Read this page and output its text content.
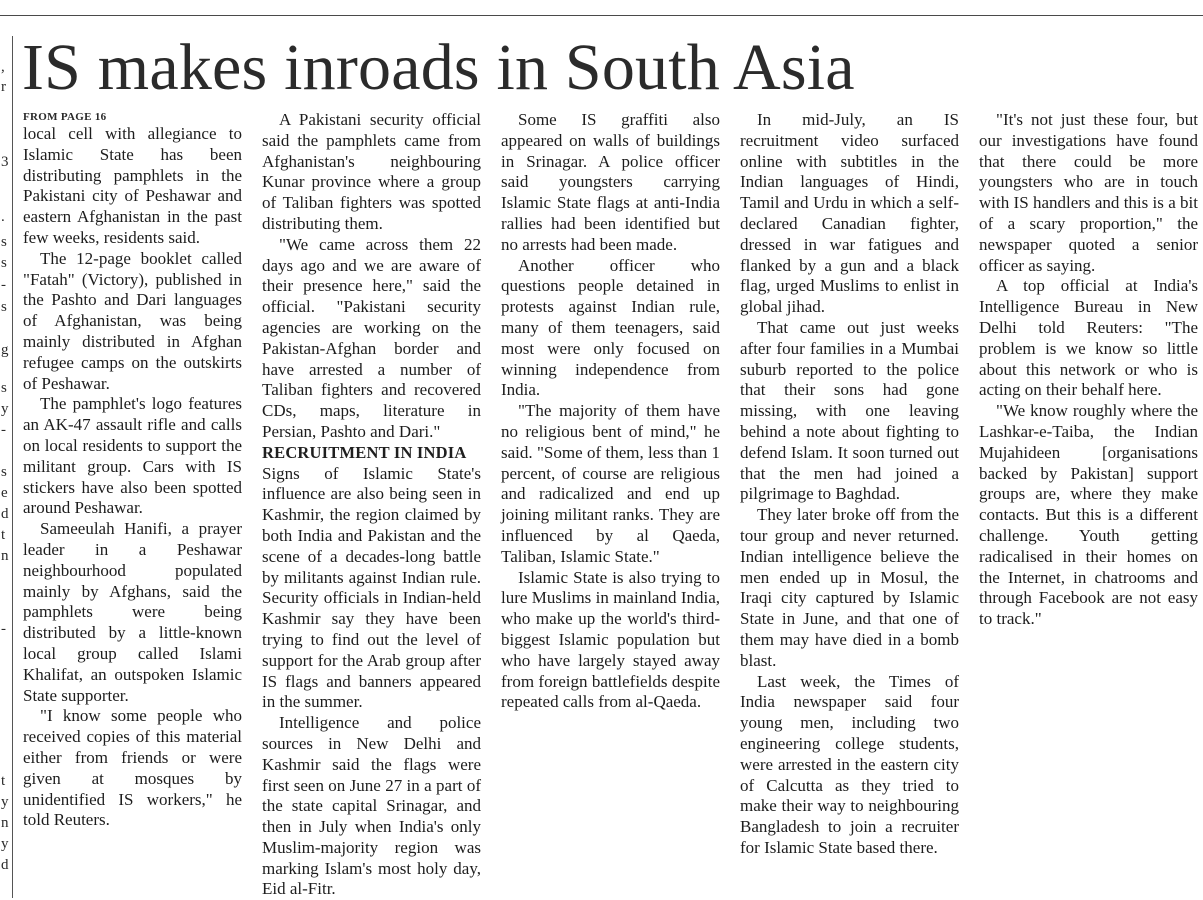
,
r
3
.
s
s
-
s
g
s
y
-
s
e
d
t
n
-
t
y
n
y
d
IS makes inroads in South Asia
FROM PAGE 16

local cell with allegiance to Islamic State has been distributing pamphlets in the Pakistani city of Peshawar and eastern Afghanistan in the past few weeks, residents said.

The 12-page booklet called "Fatah" (Victory), published in the Pashto and Dari languages of Afghanistan, was being mainly distributed in Afghan refugee camps on the outskirts of Peshawar.

The pamphlet's logo features an AK-47 assault rifle and calls on local residents to support the militant group. Cars with IS stickers have also been spotted around Peshawar.

Sameeulah Hanifi, a prayer leader in a Peshawar neighbourhood populated mainly by Afghans, said the pamphlets were being distributed by a little-known local group called Islami Khalifat, an outspoken Islamic State supporter.

"I know some people who received copies of this material either from friends or were given at mosques by unidentified IS workers," he told Reuters.

A Pakistani security official said the pamphlets came from Afghanistan's neighbouring Kunar province where a group of Taliban fighters was spotted distributing them.

"We came across them 22 days ago and we are aware of their presence here," said the official. "Pakistani security agencies are working on the Pakistan-Afghan border and have arrested a number of Taliban fighters and recovered CDs, maps, literature in Persian, Pashto and Dari."

RECRUITMENT IN INDIA

Signs of Islamic State's influence are also being seen in Kashmir, the region claimed by both India and Pakistan and the scene of a decades-long battle by militants against Indian rule. Security officials in Indian-held Kashmir say they have been trying to find out the level of support for the Arab group after IS flags and banners appeared in the summer.

Intelligence and police sources in New Delhi and Kashmir said the flags were first seen on June 27 in a part of the state capital Srinagar, and then in July when India's only Muslim-majority region was marking Islam's most holy day, Eid al-Fitr.

Some IS graffiti also appeared on walls of buildings in Srinagar. A police officer said youngsters carrying Islamic State flags at anti-India rallies had been identified but no arrests had been made.

Another officer who questions people detained in protests against Indian rule, many of them teenagers, said most were only focused on winning independence from India.

"The majority of them have no religious bent of mind," he said. "Some of them, less than 1 percent, of course are religious and radicalized and end up joining militant ranks. They are influenced by al Qaeda, Taliban, Islamic State."

Islamic State is also trying to lure Muslims in mainland India, who make up the world's third-biggest Islamic population but who have largely stayed away from foreign battlefields despite repeated calls from al-Qaeda.

In mid-July, an IS recruitment video surfaced online with subtitles in the Indian languages of Hindi, Tamil and Urdu in which a self-declared Canadian fighter, dressed in war fatigues and flanked by a gun and a black flag, urged Muslims to enlist in global jihad.

That came out just weeks after four families in a Mumbai suburb reported to the police that their sons had gone missing, with one leaving behind a note about fighting to defend Islam. It soon turned out that the men had joined a pilgrimage to Baghdad.

They later broke off from the tour group and never returned. Indian intelligence believe the men ended up in Mosul, the Iraqi city captured by Islamic State in June, and that one of them may have died in a bomb blast.

Last week, the Times of India newspaper said four young men, including two engineering college students, were arrested in the eastern city of Calcutta as they tried to make their way to neighbouring Bangladesh to join a recruiter for Islamic State based there.

"It's not just these four, but our investigations have found that there could be more youngsters who are in touch with IS handlers and this is a bit of a scary proportion," the newspaper quoted a senior officer as saying.

A top official at India's Intelligence Bureau in New Delhi told Reuters: "The problem is we know so little about this network or who is acting on their behalf here.

"We know roughly where the Lashkar-e-Taiba, the Indian Mujahideen [organisations backed by Pakistan] support groups are, where they make contacts. But this is a different challenge. Youth getting radicalised in their homes on the Internet, in chatrooms and through Facebook are not easy to track."
